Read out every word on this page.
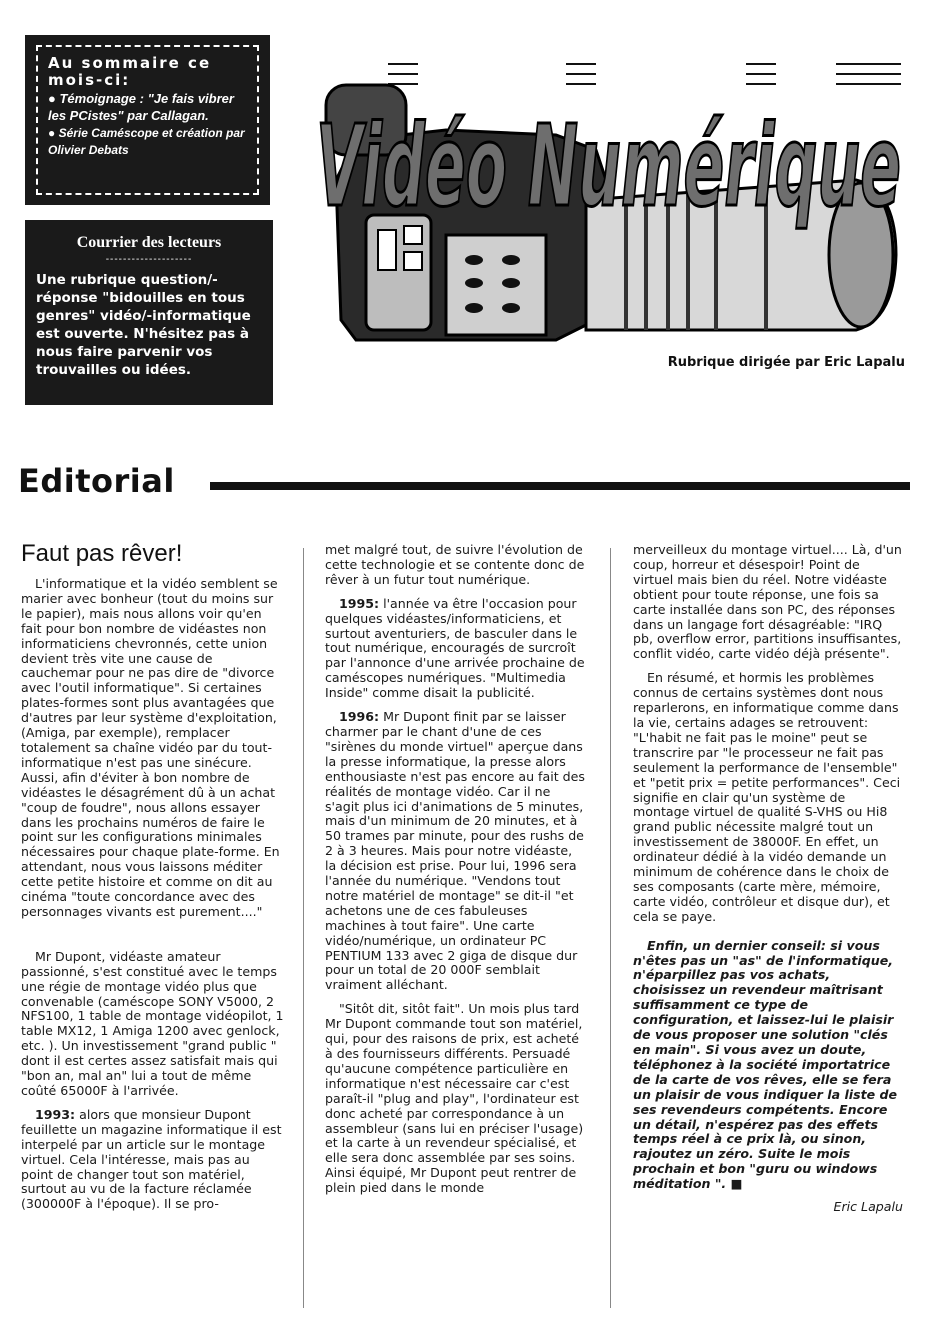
Au sommaire ce mois-ci:
● Témoignage : "Je fais vibrer les PCistes" par Callagan.
● Série Caméscope et création par Olivier Debats
Courrier des lecteurs
--------------------
Une rubrique question/-réponse "bidouilles en tous genres" vidéo/-informatique est ouverte. N'hésitez pas à nous faire parvenir vos trouvailles ou idées.
Vidéo Numérique
Rubrique dirigée par Eric Lapalu
Editorial
Faut pas rêver!

L'informatique et la vidéo semblent se marier avec bonheur (tout du moins sur le papier), mais nous allons voir qu'en fait pour bon nombre de vidéastes non informaticiens chevronnés, cette union devient très vite une cause de cauchemar pour ne pas dire de "divorce avec l'outil informatique". Si certaines plates-formes sont plus avantagées que d'autres par leur système d'exploitation, (Amiga, par exemple), remplacer totalement sa chaîne vidéo par du tout-informatique n'est pas une sinécure. Aussi, afin d'éviter à bon nombre de vidéastes le désagrément dû à un achat "coup de foudre", nous allons essayer dans les prochains numéros de faire le point sur les configurations minimales nécessaires pour chaque plate-forme. En attendant, nous vous laissons méditer cette petite histoire et comme on dit au cinéma "toute concordance avec des personnages vivants est purement...."

Mr Dupont, vidéaste amateur passionné, s'est constitué avec le temps une régie de montage vidéo plus que convenable (caméscope SONY V5000, 2 NFS100, 1 table de montage vidéopilot, 1 table MX12, 1 Amiga 1200 avec genlock, etc. ). Un investissement "grand public " dont il est certes assez satisfait mais qui "bon an, mal an" lui a tout de même coûté 65000F à l'arrivée.

1993: alors que monsieur Dupont feuillette un magazine informatique il est interpelé par un article sur le montage virtuel. Cela l'intéresse, mais pas au point de changer tout son matériel, surtout au vu de la facture réclamée (300000F à l'époque). Il se pro-

met malgré tout, de suivre l'évolution de cette technologie et se contente donc de rêver à un futur tout numérique.

1995: l'année va être l'occasion pour quelques vidéastes/informaticiens, et surtout aventuriers, de basculer dans le tout numérique, encouragés de surcroît par l'annonce d'une arrivée prochaine de caméscopes numériques. "Multimedia Inside" comme disait la publicité.

1996: Mr Dupont finit par se laisser charmer par le chant d'une de ces "sirènes du monde virtuel" aperçue dans la presse informatique, la presse alors enthousiaste n'est pas encore au fait des réalités de montage vidéo. Car il ne s'agit plus ici d'animations de 5 minutes, mais d'un minimum de 20 minutes, et à 50 trames par minute, pour des rushs de 2 à 3 heures. Mais pour notre vidéaste, la décision est prise. Pour lui, 1996 sera l'année du numérique. "Vendons tout notre matériel de montage" se dit-il "et achetons une de ces fabuleuses machines à tout faire". Une carte vidéo/numérique, un ordinateur PC PENTIUM 133 avec 2 giga de disque dur pour un total de 20 000F semblait vraiment alléchant.

"Sitôt dit, sitôt fait". Un mois plus tard Mr Dupont commande tout son matériel, qui, pour des raisons de prix, est acheté à des fournisseurs différents. Persuadé qu'aucune compétence particulière en informatique n'est nécessaire car c'est paraît-il "plug and play", l'ordinateur est donc acheté par correspondance à un assembleur (sans lui en préciser l'usage) et la carte à un revendeur spécialisé, et elle sera donc assemblée par ses soins. Ainsi équipé, Mr Dupont peut rentrer de plein pied dans le monde

merveilleux du montage virtuel.... Là, d'un coup, horreur et désespoir! Point de virtuel mais bien du réel. Notre vidéaste obtient pour toute réponse, une fois sa carte installée dans son PC, des réponses dans un langage fort désagréable: "IRQ pb, overflow error, partitions insuffisantes, conflit vidéo, carte vidéo déjà présente".

En résumé, et hormis les problèmes connus de certains systèmes dont nous reparlerons, en informatique comme dans la vie, certains adages se retrouvent: "L'habit ne fait pas le moine" peut se transcrire par "le processeur ne fait pas seulement la performance de l'ensemble" et "petit prix = petite performances". Ceci signifie en clair qu'un système de montage virtuel de qualité S-VHS ou Hi8 grand public nécessite malgré tout un investissement de 38000F. En effet, un ordinateur dédié à la vidéo demande un minimum de cohérence dans le choix de ses composants (carte mère, mémoire, carte vidéo, contrôleur et disque dur), et cela se paye.

Enfin, un dernier conseil: si vous n'êtes pas un "as" de l'informatique, n'éparpillez pas vos achats, choisissez un revendeur maîtrisant suffisamment ce type de configuration, et laissez-lui le plaisir de vous proposer une solution "clés en main". Si vous avez un doute, téléphonez à la société importatrice de la carte de vos rêves, elle se fera un plaisir de vous indiquer la liste de ses revendeurs compétents. Encore un détail, n'espérez pas des effets temps réel à ce prix là, ou sinon, rajoutez un zéro. Suite le mois prochain et bon "guru ou windows méditation ". ■

Eric Lapalu
